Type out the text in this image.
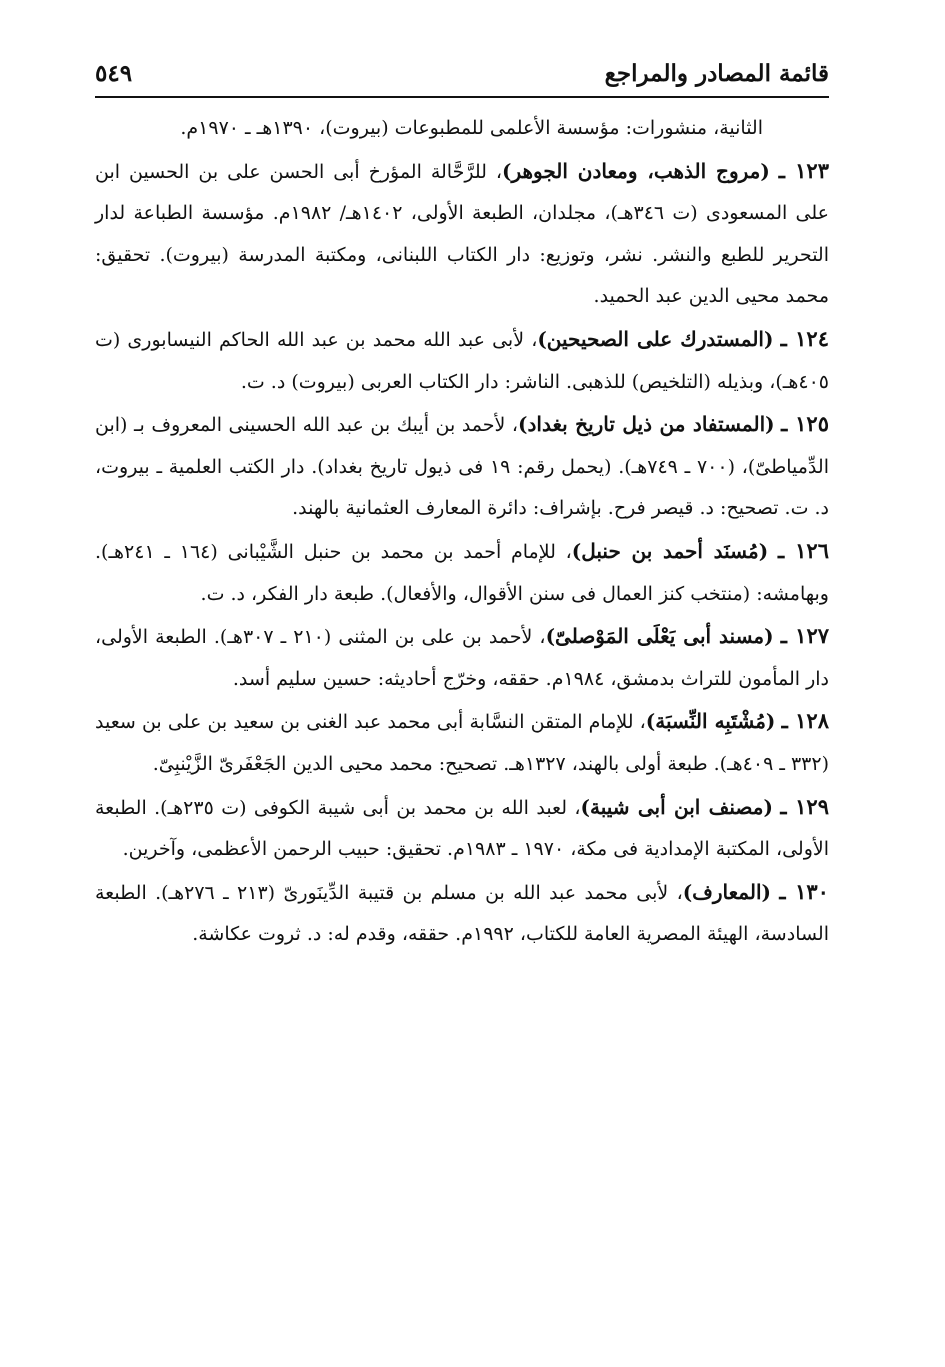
قائمة المصادر والمراجع
٥٤٩

الثانية، منشورات: مؤسسة الأعلمى للمطبوعات (بيروت)، ١٣٩٠هـ ـ ١٩٧٠م.

١٢٣ ـ (مروج الذهب، ومعادن الجوهر)، للرَّحَّالة المؤرخ أبى الحسن على بن الحسين ابن على المسعودى (ت ٣٤٦هـ)، مجلدان، الطبعة الأولى، ١٤٠٢هـ/ ١٩٨٢م. مؤسسة الطباعة لدار التحرير للطبع والنشر. نشر، وتوزيع: دار الكتاب اللبنانى، ومكتبة المدرسة (بيروت). تحقيق: محمد محيى الدين عبد الحميد.

١٢٤ ـ (المستدرك على الصحيحين)، لأبى عبد الله محمد بن عبد الله الحاكم النيسابورى (ت ٤٠٥هـ)، وبذيله (التلخيص) للذهبى. الناشر: دار الكتاب العربى (بيروت) د. ت.

١٢٥ ـ (المستفاد من ذيل تاريخ بغداد)، لأحمد بن أيبك بن عبد الله الحسينى المعروف بـ (ابن الدِّمياطىّ)، (٧٠٠ ـ ٧٤٩هـ). (يحمل رقم: ١٩ فى ذيول تاريخ بغداد). دار الكتب العلمية ـ بيروت، د. ت. تصحيح: د. قيصر فرح. بإشراف: دائرة المعارف العثمانية بالهند.

١٢٦ ـ (مُسنَد أحمد بن حنبل)، للإمام أحمد بن محمد بن حنبل الشَّيْبانى (١٦٤ ـ ٢٤١هـ). وبهامشه: (منتخب كنز العمال فى سنن الأقوال، والأفعال). طبعة دار الفكر، د. ت.

١٢٧ ـ (مسند أبى يَعْلَى المَوْصلىّ)، لأحمد بن على بن المثنى (٢١٠ ـ ٣٠٧هـ). الطبعة الأولى، دار المأمون للتراث بدمشق، ١٩٨٤م. حققه، وخرّج أحاديثه: حسين سليم أسد.

١٢٨ ـ (مُشْتَبِه النِّسبَة)، للإمام المتقن النسَّابة أبى محمد عبد الغنى بن سعيد بن على بن سعيد (٣٣٢ ـ ٤٠٩هـ). طبعة أولى بالهند، ١٣٢٧هـ. تصحيح: محمد محيى الدين الجَعْفَرىّ الزَّيْنبِىّ.

١٢٩ ـ (مصنف ابن أبى شيبة)، لعبد الله بن محمد بن أبى شيبة الكوفى (ت ٢٣٥هـ). الطبعة الأولى، المكتبة الإمدادية فى مكة، ١٩٧٠ ـ ١٩٨٣م. تحقيق: حبيب الرحمن الأعظمى، وآخرين.

١٣٠ ـ (المعارف)، لأبى محمد عبد الله بن مسلم بن قتيبة الدِّينَورىّ (٢١٣ ـ ٢٧٦هـ). الطبعة السادسة، الهيئة المصرية العامة للكتاب، ١٩٩٢م. حققه، وقدم له: د. ثروت عكاشة.
